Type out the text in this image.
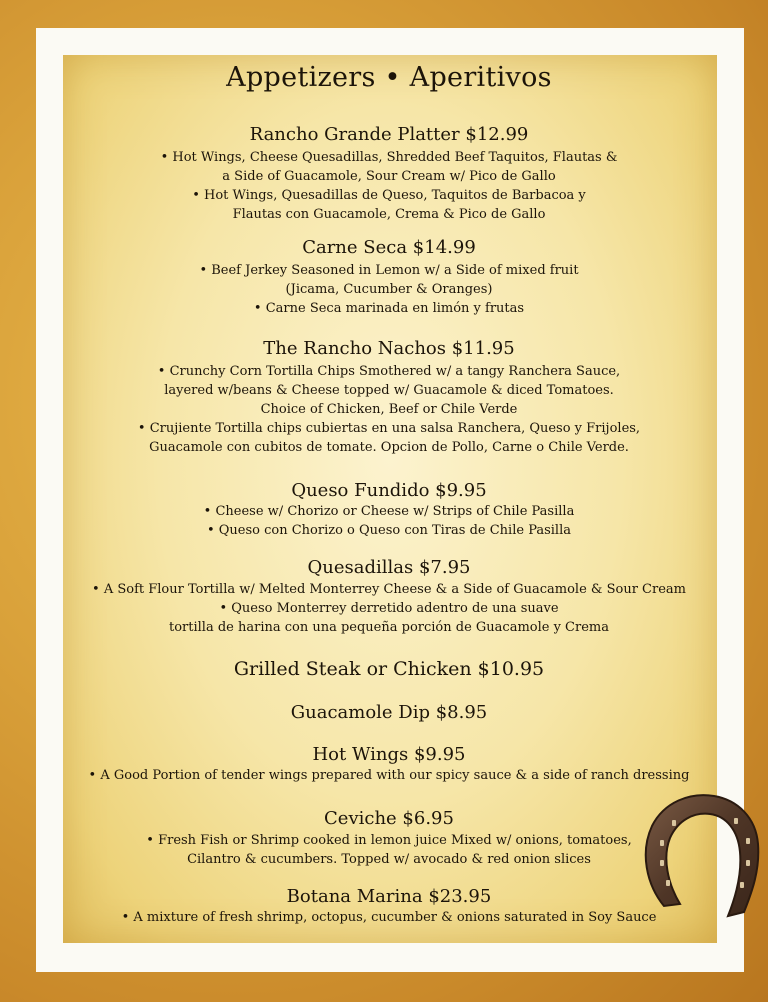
Appetizers • Aperitivos
Rancho Grande Platter $12.99
• Hot Wings, Cheese Quesadillas, Shredded Beef Taquitos, Flautas &
a Side of Guacamole, Sour Cream w/ Pico de Gallo
• Hot Wings, Quesadillas de Queso, Taquitos de Barbacoa y
Flautas con Guacamole, Crema & Pico de Gallo
Carne Seca $14.99
• Beef Jerkey Seasoned in Lemon w/ a Side of mixed fruit
(Jicama, Cucumber & Oranges)
• Carne Seca marinada en limón y frutas
The Rancho Nachos $11.95
• Crunchy Corn Tortilla Chips Smothered w/ a tangy Ranchera Sauce,
layered w/beans & Cheese topped w/ Guacamole & diced Tomatoes.
Choice of Chicken, Beef or Chile Verde
• Crujiente Tortilla chips cubiertas en una salsa Ranchera, Queso y Frijoles,
Guacamole con cubitos de tomate. Opcion de Pollo, Carne o Chile Verde.
Queso Fundido $9.95
• Cheese w/ Chorizo or Cheese w/ Strips of Chile Pasilla
• Queso con Chorizo o Queso con Tiras de Chile Pasilla
Quesadillas $7.95
• A Soft Flour Tortilla w/ Melted Monterrey Cheese & a Side of Guacamole & Sour Cream
• Queso Monterrey derretido adentro de una suave
tortilla de harina con una pequeña porción de Guacamole y Crema
Grilled Steak or Chicken $10.95
Guacamole Dip $8.95
Hot Wings $9.95
• A Good Portion of tender wings prepared with our spicy sauce & a side of ranch dressing
Ceviche $6.95
• Fresh Fish or Shrimp cooked in lemon juice Mixed w/ onions, tomatoes,
Cilantro & cucumbers. Topped w/ avocado & red onion slices
Botana Marina $23.95
• A mixture of fresh shrimp, octopus, cucumber & onions saturated in Soy Sauce
